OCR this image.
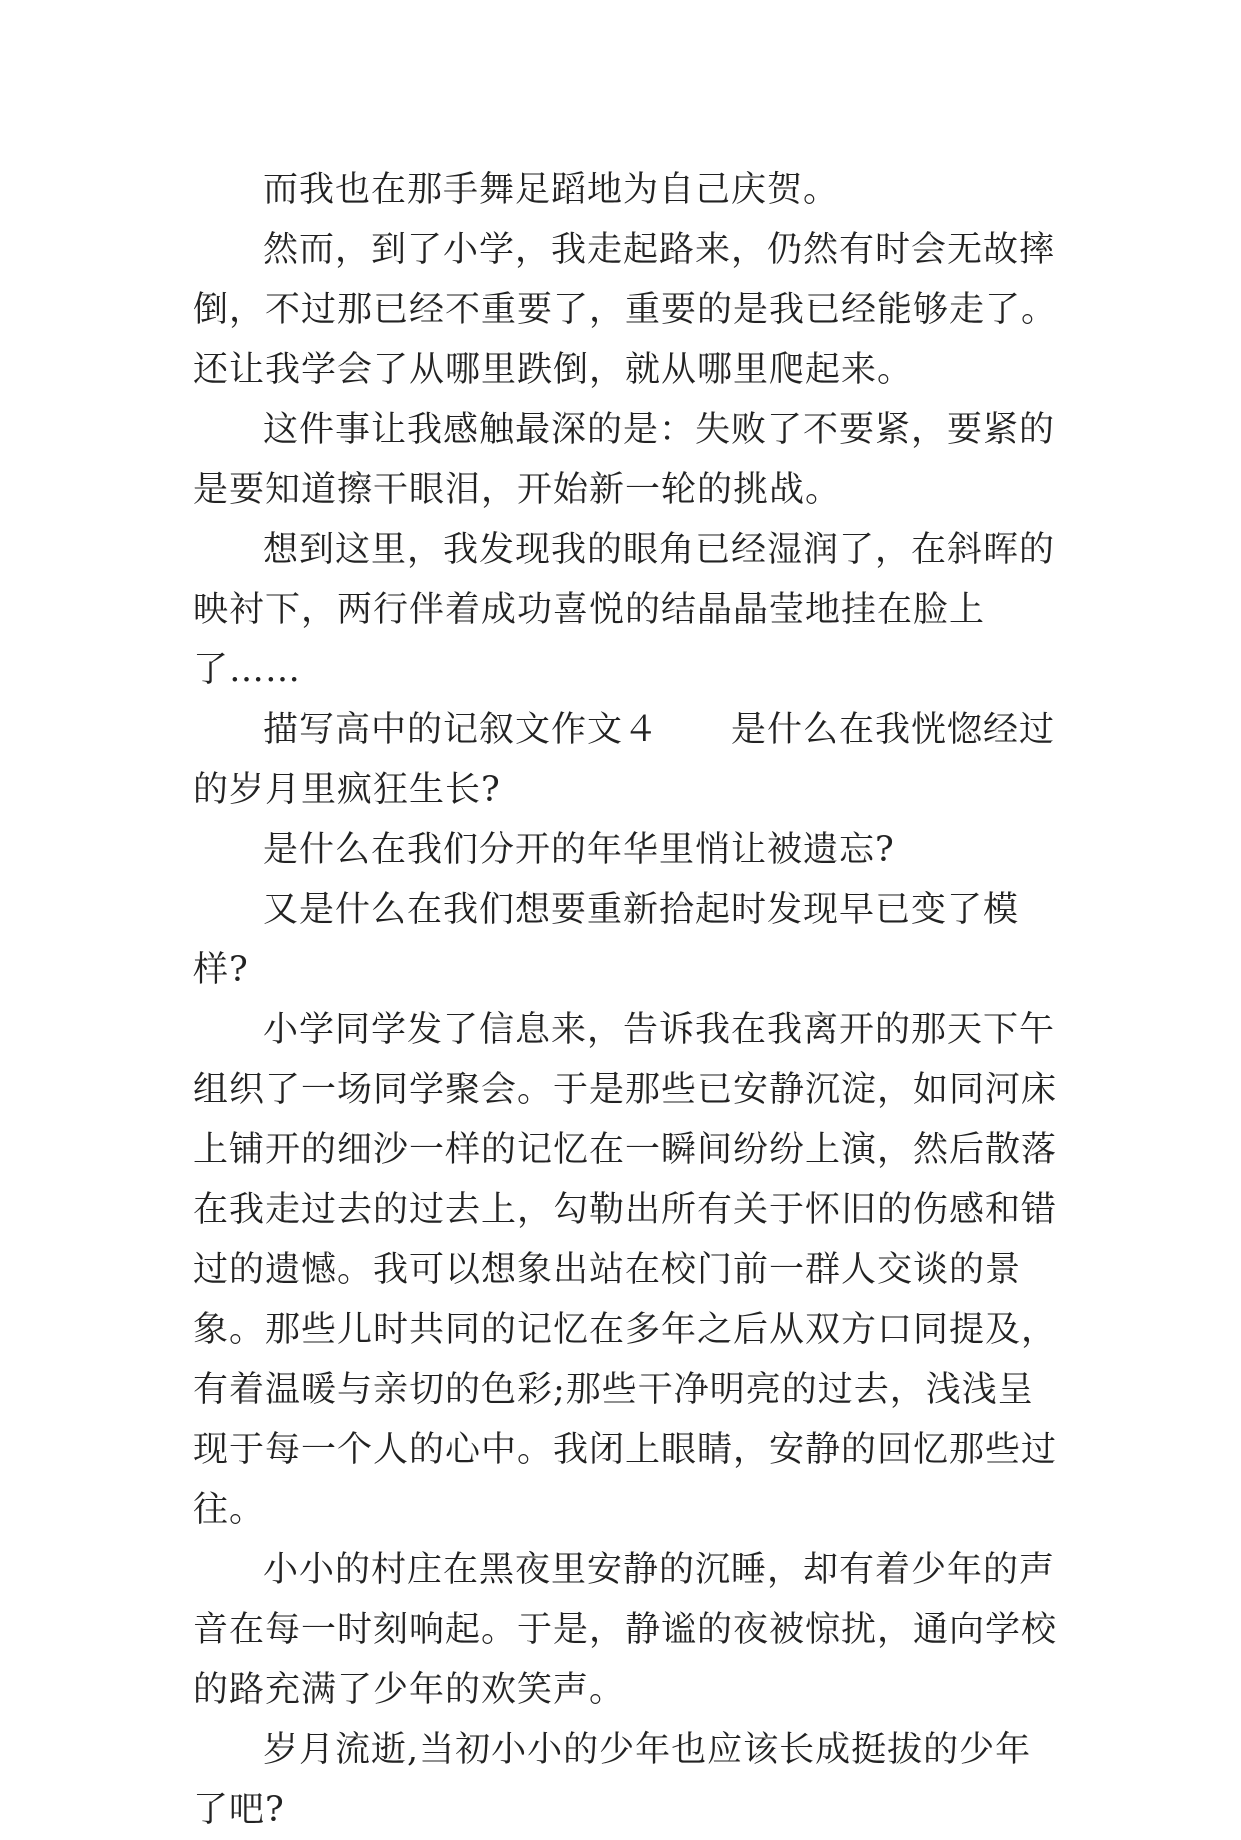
而我也在那手舞足蹈地为自己庆贺。

然而，到了小学，我走起路来，仍然有时会无故摔倒，不过那已经不重要了，重要的是我已经能够走了。还让我学会了从哪里跌倒，就从哪里爬起来。

这件事让我感触最深的是：失败了不要紧，要紧的是要知道擦干眼泪，开始新一轮的挑战。

想到这里，我发现我的眼角已经湿润了，在斜晖的映衬下，两行伴着成功喜悦的结晶晶莹地挂在脸上了……

描写高中的记叙文作文４　　是什么在我恍惚经过的岁月里疯狂生长?

是什么在我们分开的年华里悄让被遗忘?

又是什么在我们想要重新拾起时发现早已变了模样?

小学同学发了信息来，告诉我在我离开的那天下午组织了一场同学聚会。于是那些已安静沉淀，如同河床上铺开的细沙一样的记忆在一瞬间纷纷上演，然后散落在我走过去的过去上，勾勒出所有关于怀旧的伤感和错过的遗憾。我可以想象出站在校门前一群人交谈的景象。那些儿时共同的记忆在多年之后从双方口同提及，有着温暖与亲切的色彩;那些干净明亮的过去，浅浅呈现于每一个人的心中。我闭上眼睛，安静的回忆那些过往。

小小的村庄在黑夜里安静的沉睡，却有着少年的声音在每一时刻响起。于是，静谧的夜被惊扰，通向学校的路充满了少年的欢笑声。

岁月流逝,当初小小的少年也应该长成挺拔的少年了吧?
